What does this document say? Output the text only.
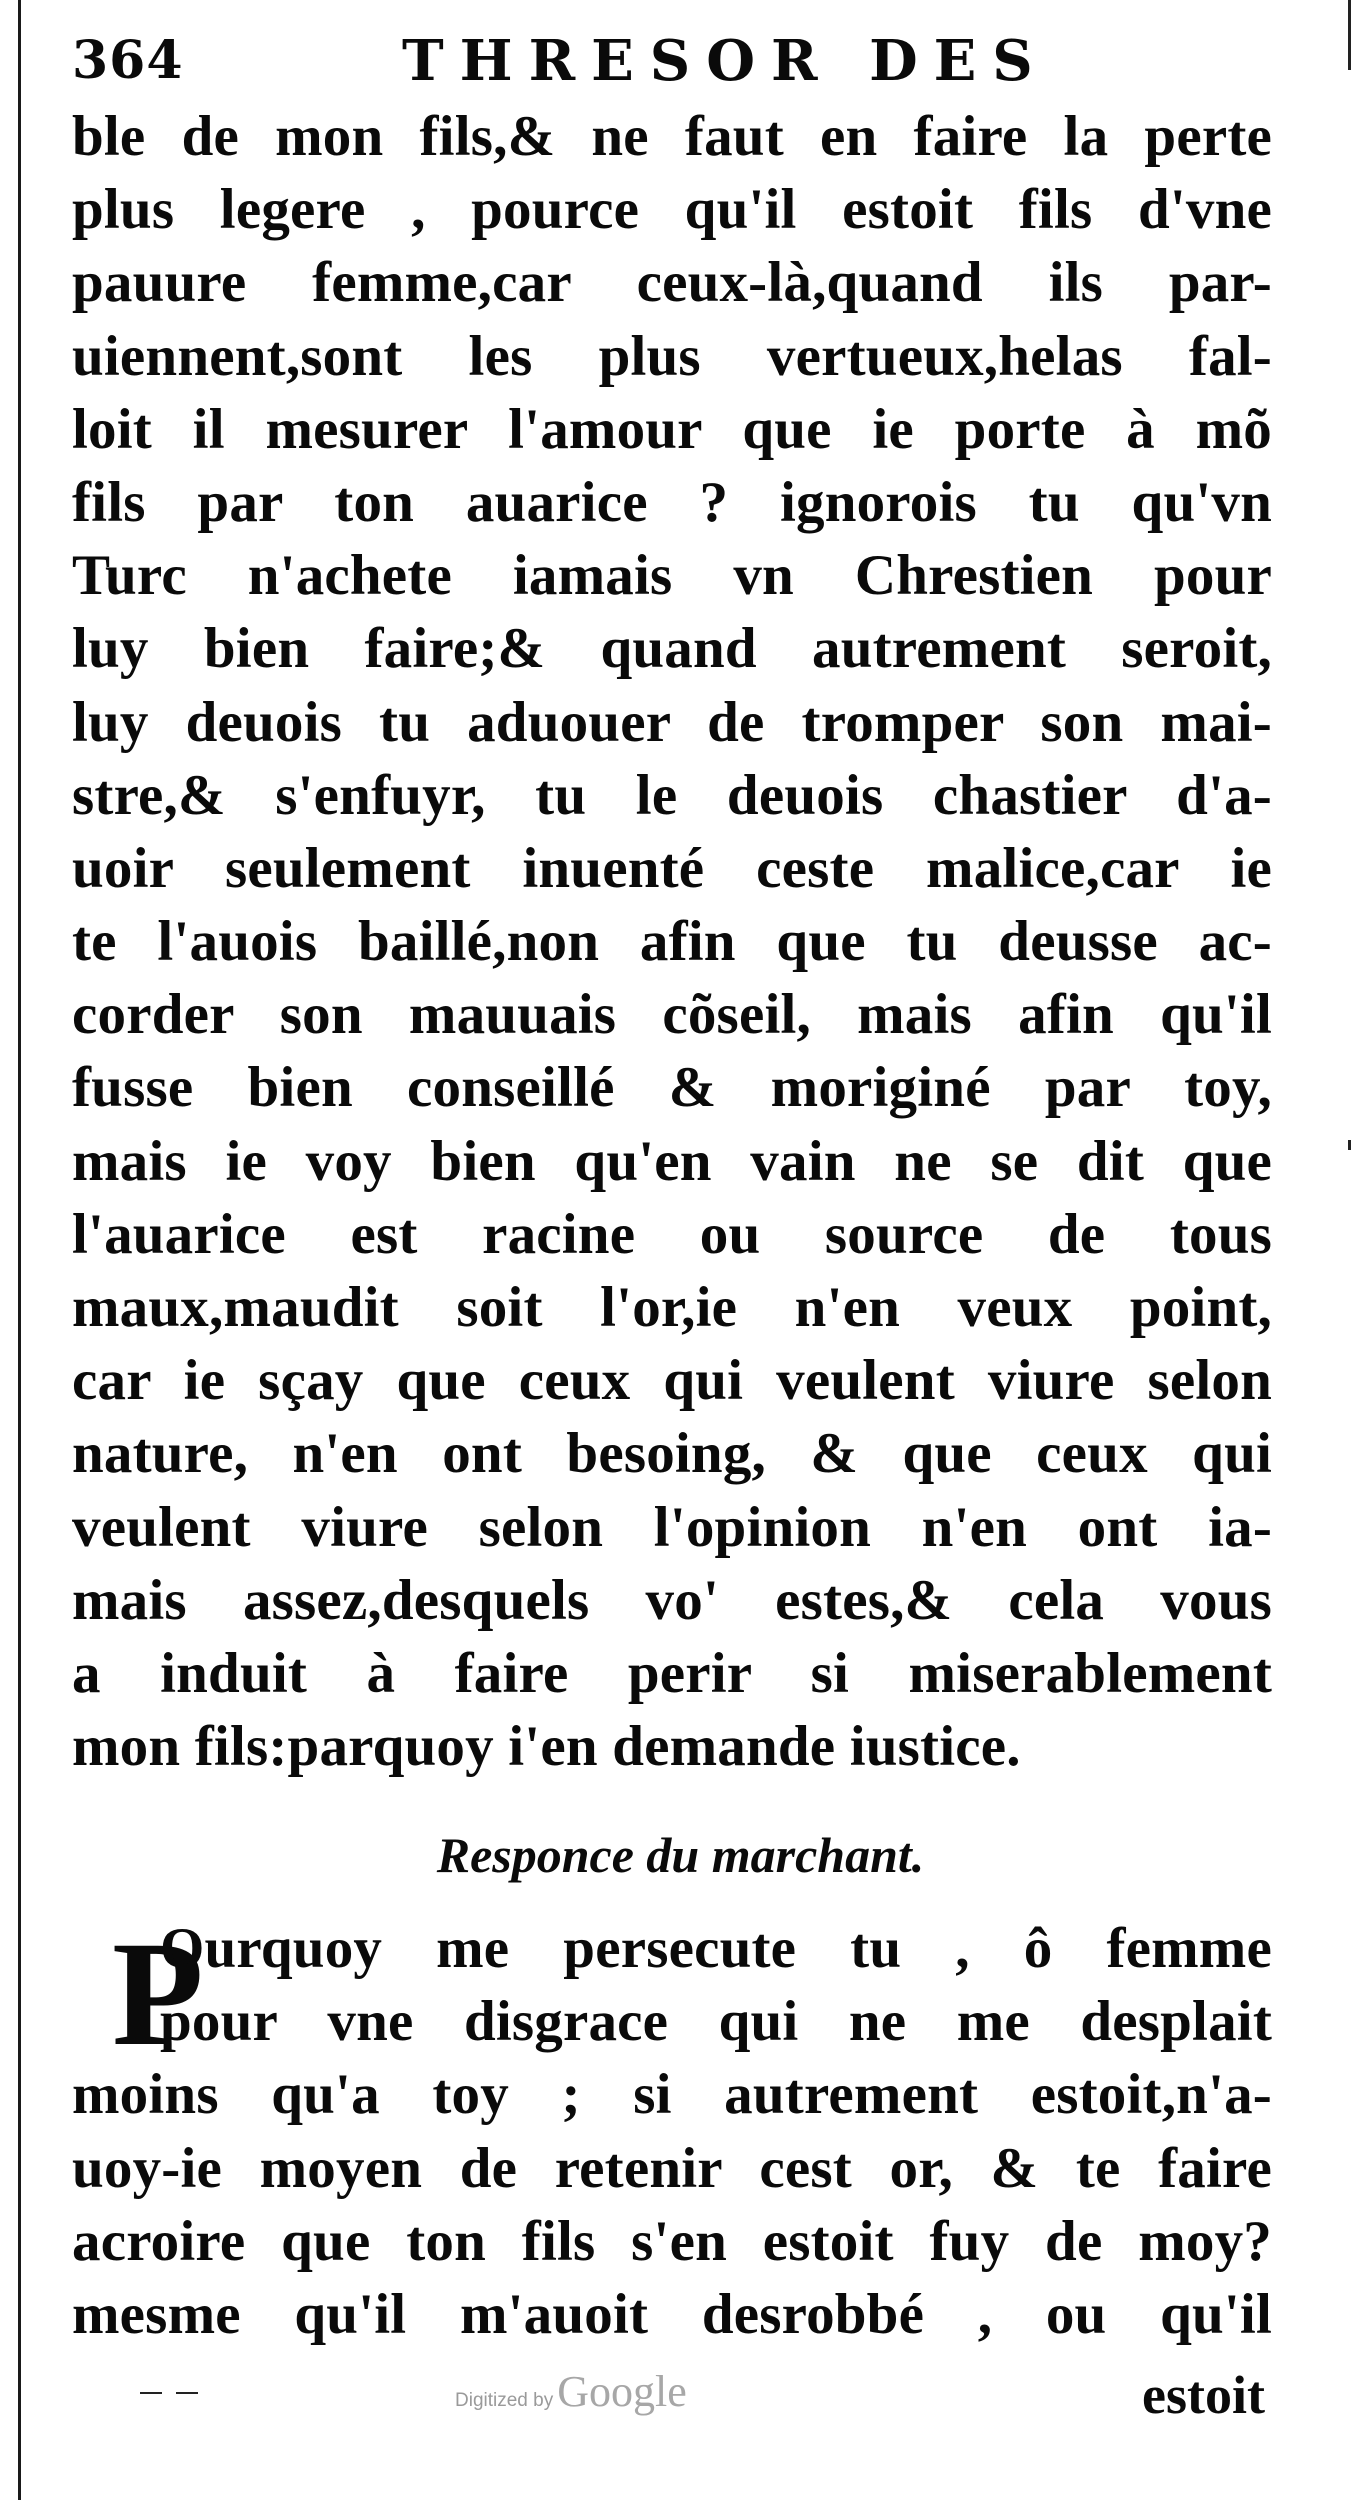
364	THRESOR DES
ble de mon fils,& ne faut en faire la perte
plus legere , pource qu'il estoit fils d'vne
pauure femme,car ceux-là,quand ils par-
uiennent,sont les plus vertueux,helas fal-
loit il mesurer l'amour que ie porte à mõ
fils par ton auarice ? ignorois tu qu'vn
Turc n'achete iamais vn Chrestien pour
luy bien faire;& quand autrement seroit,
luy deuois tu aduouer de tromper son mai-
stre,& s'enfuyr, tu le deuois chastier d'a-
uoir seulement inuenté ceste malice,car ie
te l'auois baillé,non afin que tu deusse ac-
corder son mauuais cõseil, mais afin qu'il
fusse bien conseillé & moriginé par toy,
mais ie voy bien qu'en vain ne se dit que
l'auarice est racine ou source de tous
maux,maudit soit l'or,ie n'en veux point,
car ie sçay que ceux qui veulent viure selon
nature, n'en ont besoing, & que ceux qui
veulent viure selon l'opinion n'en ont ia-
mais assez,desquels vo' estes,& cela vous
a induit à faire perir si miserablement
mon fils:parquoy i'en demande iustice.
Responce du marchant.
P
Ourquoy me persecute tu , ô femme
pour vne disgrace qui ne me desplait
moins qu'a toy ; si autrement estoit,n'a-
uoy-ie moyen de retenir cest or, & te faire
acroire que ton fils s'en estoit fuy de moy?
mesme qu'il m'auoit desrobbé , ou qu'il
Digitized by Google	estoit
